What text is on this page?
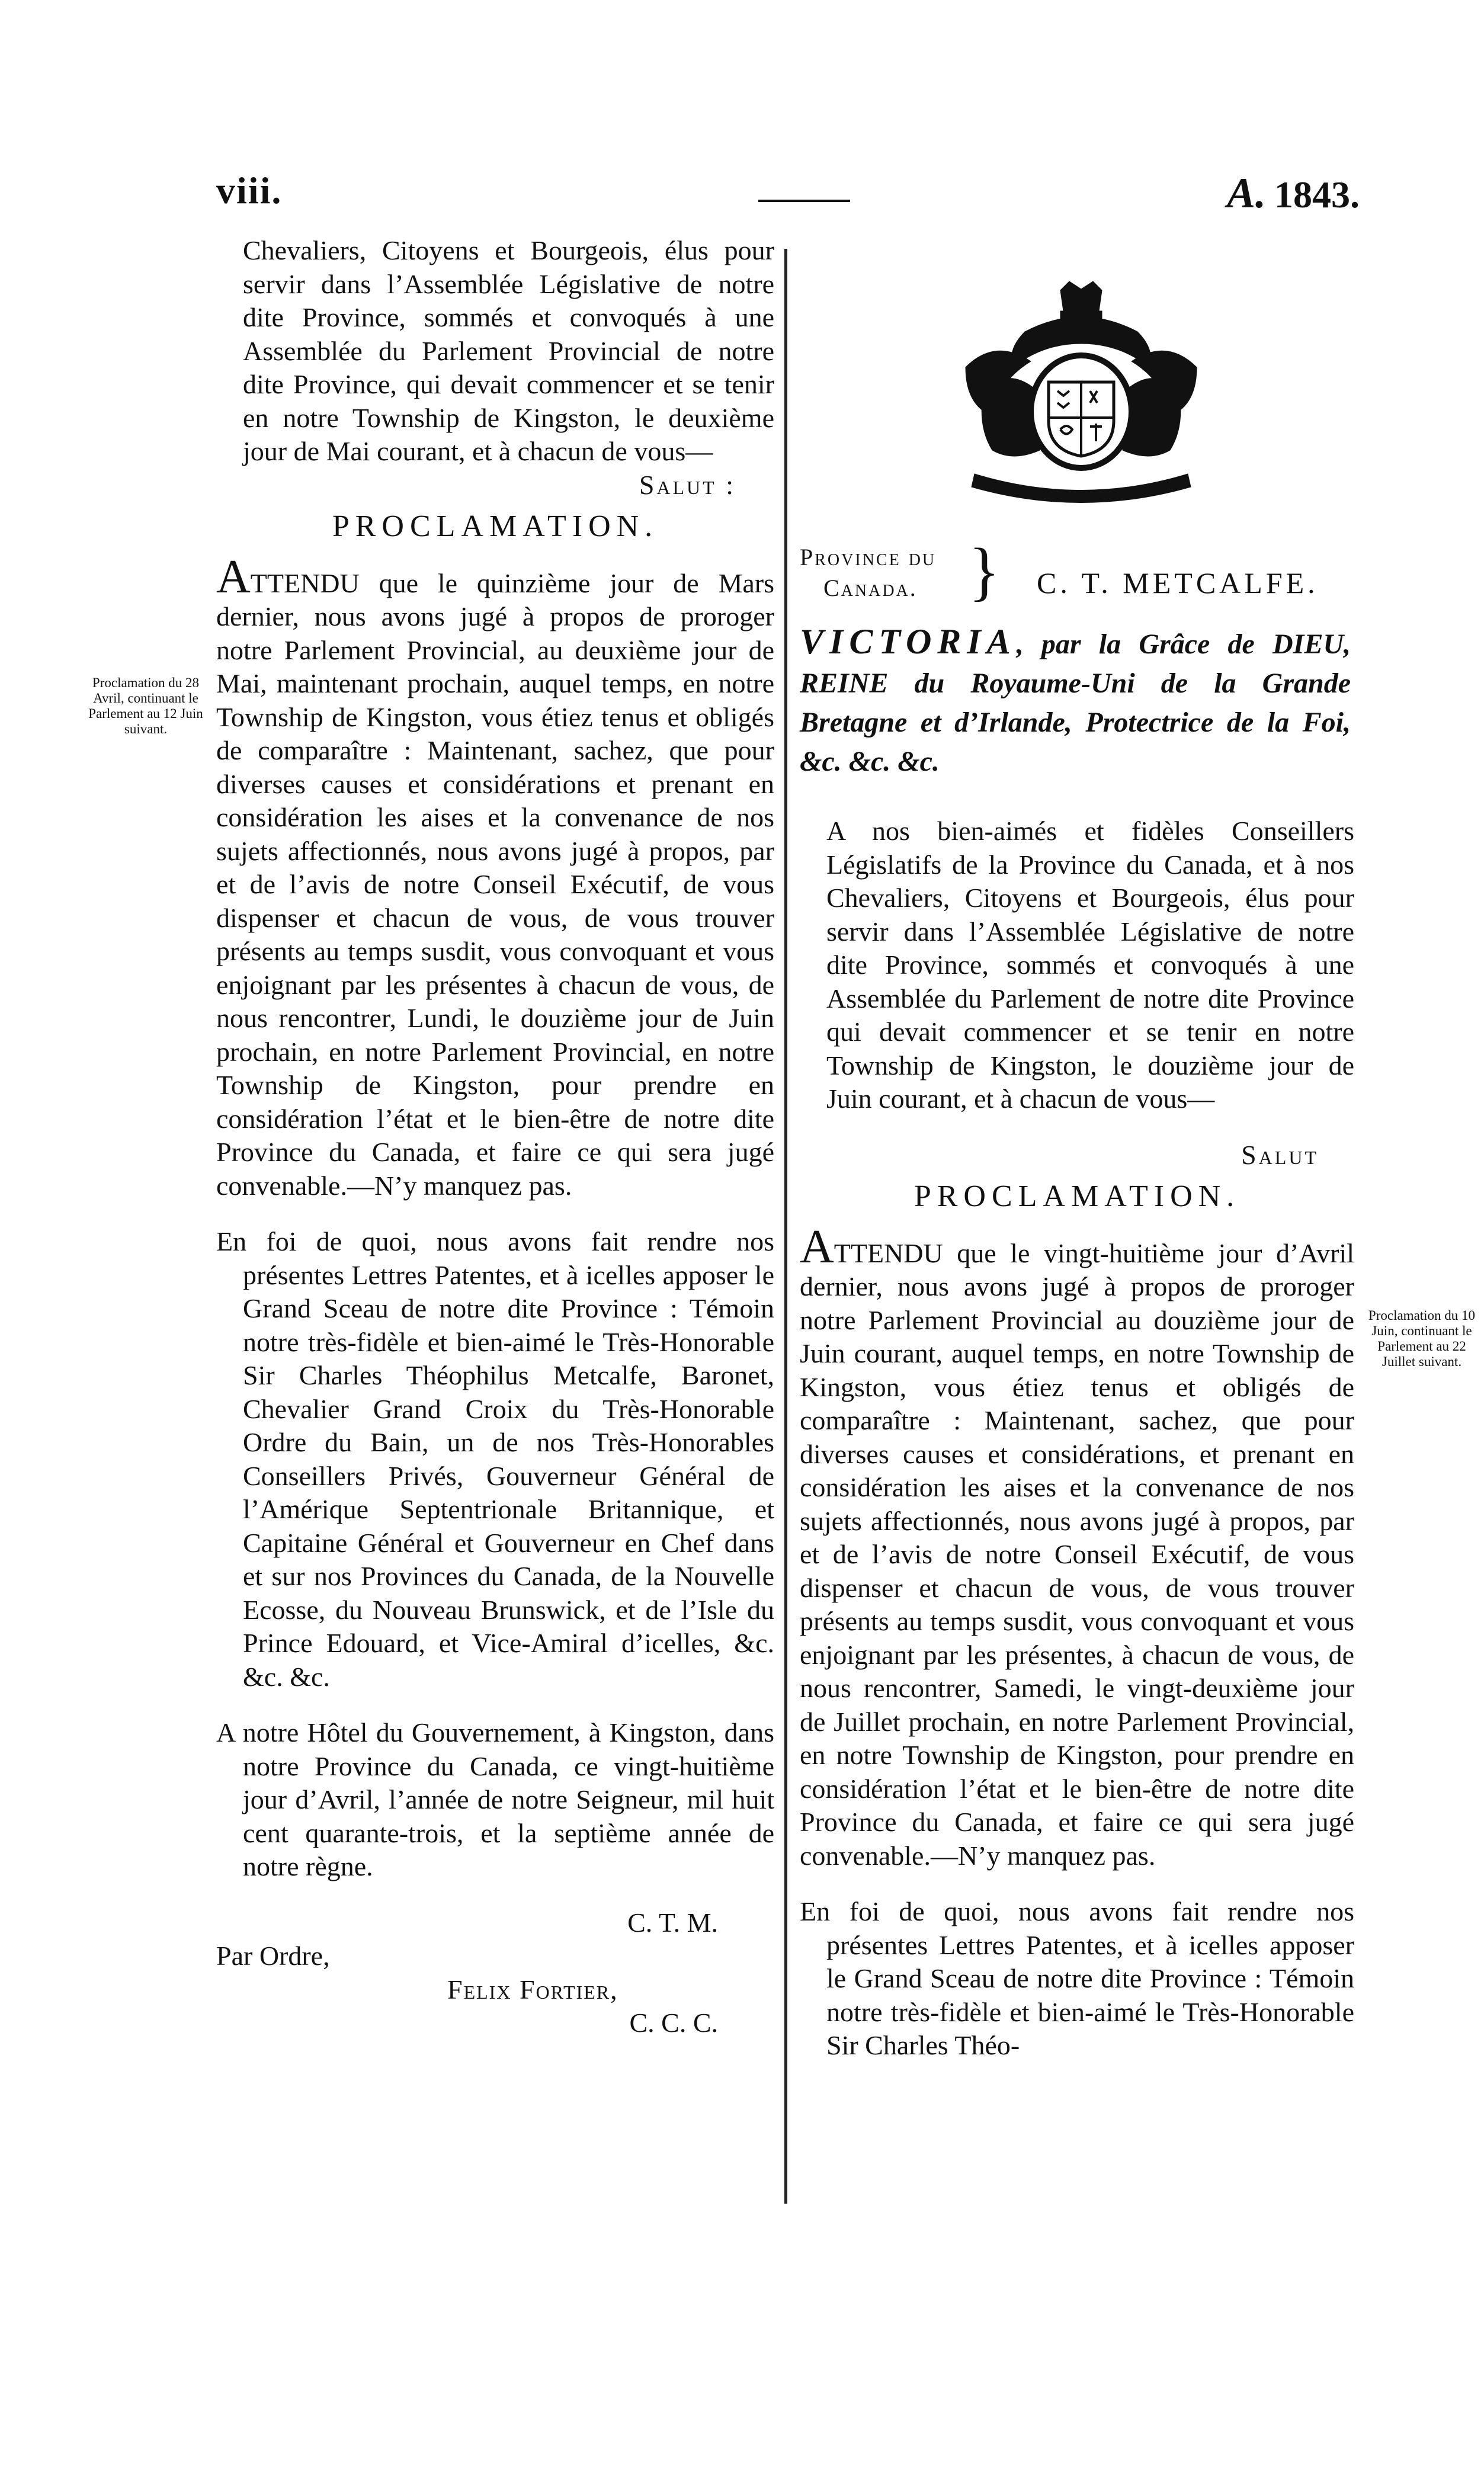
viii.	A. 1843.
Proclamation du 28 Avril, continuant le Parlement au 12 Juin suivant.

Chevaliers, Citoyens et Bourgeois, élus pour servir dans l’Assemblée Législative de notre dite Province, sommés et convoqués à une Assemblée du Parlement Provincial de notre dite Province, qui devait commencer et se tenir en notre Township de Kingston, le deuxième jour de Mai courant, et à chacun de vous—

Salut :

PROCLAMATION.

ATTENDU que le quinzième jour de Mars dernier, nous avons jugé à propos de proroger notre Parlement Provincial, au deuxième jour de Mai, maintenant prochain, auquel temps, en notre Township de Kingston, vous étiez tenus et obligés de comparaître : Maintenant, sachez, que pour diverses causes et considérations et prenant en considération les aises et la convenance de nos sujets affectionnés, nous avons jugé à propos, par et de l’avis de notre Conseil Exécutif, de vous dispenser et chacun de vous, de vous trouver présents au temps susdit, vous convoquant et vous enjoignant par les présentes à chacun de vous, de nous rencontrer, Lundi, le douzième jour de Juin prochain, en notre Parlement Provincial, en notre Township de Kingston, pour prendre en considération l’état et le bien-être de notre dite Province du Canada, et faire ce qui sera jugé convenable.—N’y manquez pas.

En foi de quoi, nous avons fait rendre nos présentes Lettres Patentes, et à icelles apposer le Grand Sceau de notre dite Province : Témoin notre très-fidèle et bien-aimé le Très-Honorable Sir Charles Théophilus Metcalfe, Baronet, Chevalier Grand Croix du Très-Honorable Ordre du Bain, un de nos Très-Honorables Conseillers Privés, Gouverneur Général de l’Amérique Septentrionale Britannique, et Capitaine Général et Gouverneur en Chef dans et sur nos Provinces du Canada, de la Nouvelle Ecosse, du Nouveau Brunswick, et de l’Isle du Prince Edouard, et Vice-Amiral d’icelles, &c. &c. &c.

A notre Hôtel du Gouvernement, à Kingston, dans notre Province du Canada, ce vingt-huitième jour d’Avril, l’année de notre Seigneur, mil huit cent quarante-trois, et la septième année de notre règne.

C. T. M.

Par Ordre,

Felix Fortier,

C. C. C.

Province du
Canada. } C. T. METCALFE.
VICTORIA, par la Grâce de DIEU, REINE du Royaume-Uni de la Grande Bretagne et d’Irlande, Protectrice de la Foi, &c. &c. &c.
Proclamation du 10 Juin, continuant le Parlement au 22 Juillet suivant.

A nos bien-aimés et fidèles Conseillers Législatifs de la Province du Canada, et à nos Chevaliers, Citoyens et Bourgeois, élus pour servir dans l’Assemblée Législative de notre dite Province, sommés et convoqués à une Assemblée du Parlement de notre dite Province qui devait commencer et se tenir en notre Township de Kingston, le douzième jour de Juin courant, et à chacun de vous—

Salut

PROCLAMATION.

ATTENDU que le vingt-huitième jour d’Avril dernier, nous avons jugé à propos de proroger notre Parlement Provincial au douzième jour de Juin courant, auquel temps, en notre Township de Kingston, vous étiez tenus et obligés de comparaître : Maintenant, sachez, que pour diverses causes et considérations, et prenant en considération les aises et la convenance de nos sujets affectionnés, nous avons jugé à propos, par et de l’avis de notre Conseil Exécutif, de vous dispenser et chacun de vous, de vous trouver présents au temps susdit, vous convoquant et vous enjoignant par les présentes, à chacun de vous, de nous rencontrer, Samedi, le vingt-deuxième jour de Juillet prochain, en notre Parlement Provincial, en notre Township de Kingston, pour prendre en considération l’état et le bien-être de notre dite Province du Canada, et faire ce qui sera jugé convenable.—N’y manquez pas.

En foi de quoi, nous avons fait rendre nos présentes Lettres Patentes, et à icelles apposer le Grand Sceau de notre dite Province : Témoin notre très-fidèle et bien-aimé le Très-Honorable Sir Charles Théo-
